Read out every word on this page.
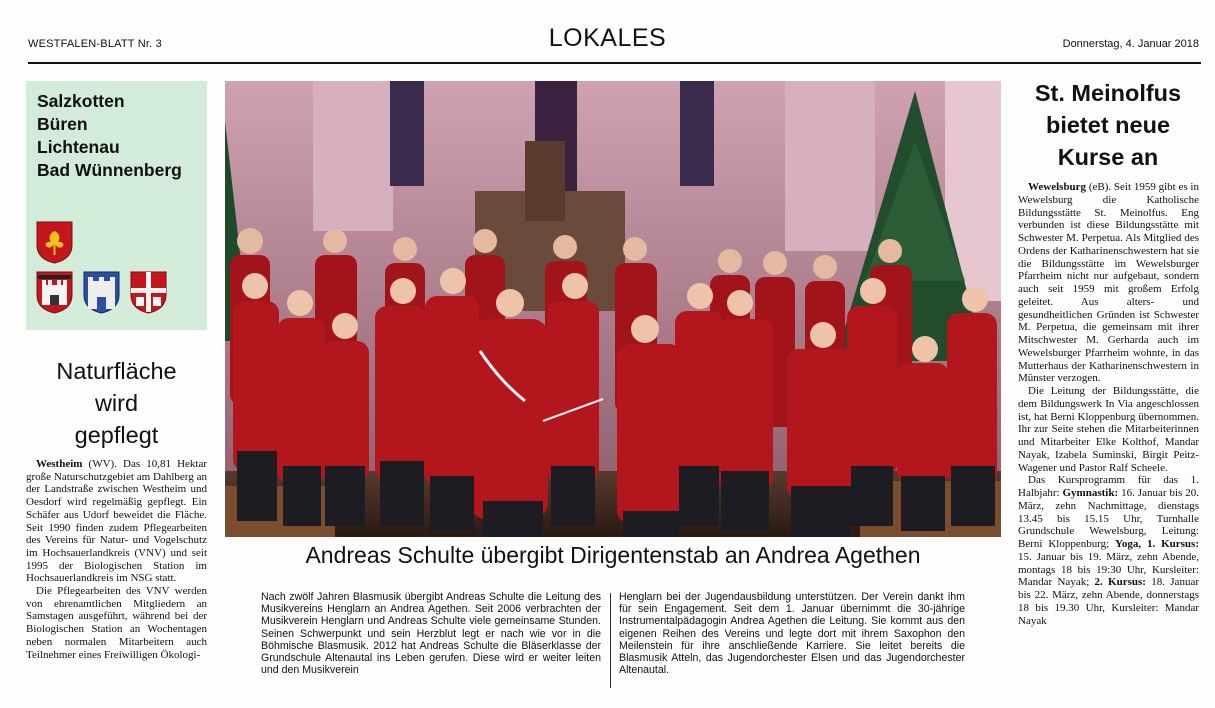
WESTFALEN-BLATT Nr. 3	LOKALES	Donnerstag, 4. Januar 2018
Salzkotten
Büren
Lichtenau
Bad Wünnenberg
Naturfläche
wird
gepflegt

Westheim (WV). Das 10,81 Hektar große Naturschutzgebiet am Dahlberg an der Landstraße zwischen Westheim und Oesdorf wird regelmäßig gepflegt. Ein Schäfer aus Udorf beweidet die Fläche. Seit 1990 finden zudem Pflegearbeiten des Vereins für Natur- und Vogelschutz im Hochsauerlandkreis (VNV) und seit 1995 der Biologischen Station im Hochsauerlandkreis im NSG statt.

Die Pflegearbeiten des VNV werden von ehrenamtlichen Mitgliedern an Samstagen ausgeführt, während bei der Biologischen Station an Wochentagen neben normalen Mitarbeitern auch Teilnehmer eines Freiwilligen Ökologi-

Andreas Schulte übergibt Dirigentenstab an Andrea Agethen
Nach zwölf Jahren Blasmusik übergibt Andreas Schulte die Leitung des Musikvereins Henglarn an Andrea Agethen. Seit 2006 verbrachten der Musikverein Henglarn und Andreas Schulte viele gemeinsame Stunden. Seinen Schwerpunkt und sein Herzblut legt er nach wie vor in die Böhmische Blasmusik. 2012 hat Andreas Schulte die Bläserklasse der Grundschule Altenautal ins Leben gerufen. Diese wird er weiter leiten und den Musikverein
Henglarn bei der Jugendausbildung unterstützen. Der Verein dankt ihm für sein Engagement. Seit dem 1. Januar übernimmt die 30-jährige Instrumentalpädagogin Andrea Agethen die Leitung. Sie kommt aus den eigenen Reihen des Vereins und legte dort mit ihrem Saxophon den Meilenstein für ihre anschließende Karriere. Sie leitet bereits die Blasmusik Atteln, das Jugendorchester Elsen und das Jugendorchester Altenautal.
St. Meinolfus
bietet neue
Kurse an

Wewelsburg (eB). Seit 1959 gibt es in Wewelsburg die Katholische Bildungsstätte St. Meinolfus. Eng verbunden ist diese Bildungsstätte mit Schwester M. Perpetua. Als Mitglied des Ordens der Katharinenschwestern hat sie die Bildungsstätte im Wewelsburger Pfarrheim nicht nur aufgebaut, sondern auch seit 1959 mit großem Erfolg geleitet. Aus alters- und gesundheitlichen Gründen ist Schwester M. Perpetua, die gemeinsam mit ihrer Mitschwester M. Gerharda auch im Wewelsburger Pfarrheim wohnte, in das Mutterhaus der Katharinenschwestern in Münster verzogen.

Die Leitung der Bildungsstätte, die dem Bildungswerk In Via angeschlossen ist, hat Berni Kloppenburg übernommen. Ihr zur Seite stehen die Mitarbeiterinnen und Mitarbeiter Elke Kolthof, Mandar Nayak, Izabela Suminski, Birgit Peitz-Wagener und Pastor Ralf Scheele.

Das Kursprogramm für das 1. Halbjahr: Gymnastik: 16. Januar bis 20. März, zehn Nachmittage, dienstags 13.45 bis 15.15 Uhr, Turnhalle Grundschule Wewelsburg, Leitung: Berni Kloppenburg; Yoga, 1. Kursus: 15. Januar bis 19. März, zehn Abende, montags 18 bis 19:30 Uhr, Kursleiter: Mandar Nayak; 2. Kursus: 18. Januar bis 22. März, zehn Abende, donnerstags 18 bis 19.30 Uhr, Kursleiter: Mandar Nayak
